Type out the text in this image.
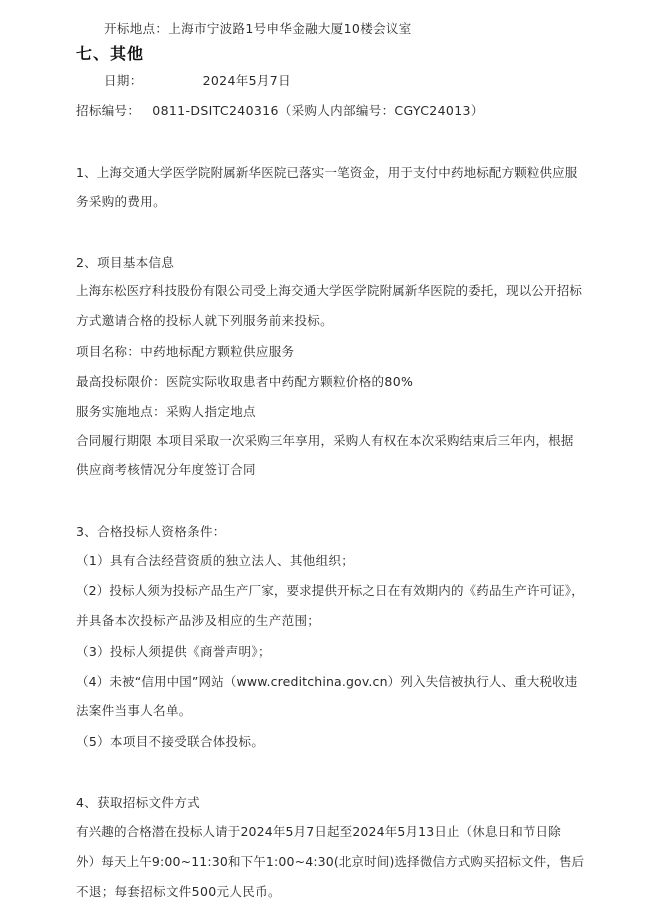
开标地点：上海市宁波路1号申华金融大厦10楼会议室
七、其他
日期：	2024年5月7日
招标编号： 0811-DSITC240316（采购人内部编号：CGYC24013）
1、上海交通大学医学院附属新华医院已落实一笔资金，用于支付中药地标配方颗粒供应服
务采购的费用。
2、项目基本信息
上海东松医疗科技股份有限公司受上海交通大学医学院附属新华医院的委托，现以公开招标
方式邀请合格的投标人就下列服务前来投标。
项目名称：中药地标配方颗粒供应服务
最高投标限价：医院实际收取患者中药配方颗粒价格的80%
服务实施地点：采购人指定地点
合同履行期限 本项目采取一次采购三年享用，采购人有权在本次采购结束后三年内，根据
供应商考核情况分年度签订合同
3、合格投标人资格条件：
（1）具有合法经营资质的独立法人、其他组织；
（2）投标人须为投标产品生产厂家，要求提供开标之日在有效期内的《药品生产许可证》，
并具备本次投标产品涉及相应的生产范围；
（3）投标人须提供《商誉声明》；
（4）未被“信用中国”网站（www.creditchina.gov.cn）列入失信被执行人、重大税收违
法案件当事人名单。
（5）本项目不接受联合体投标。
4、获取招标文件方式
有兴趣的合格潜在投标人请于2024年5月7日起至2024年5月13日止（休息日和节日除
外）每天上午9:00~11:30和下午1:00~4:30(北京时间)选择微信方式购买招标文件，售后
不退；每套招标文件500元人民币。
